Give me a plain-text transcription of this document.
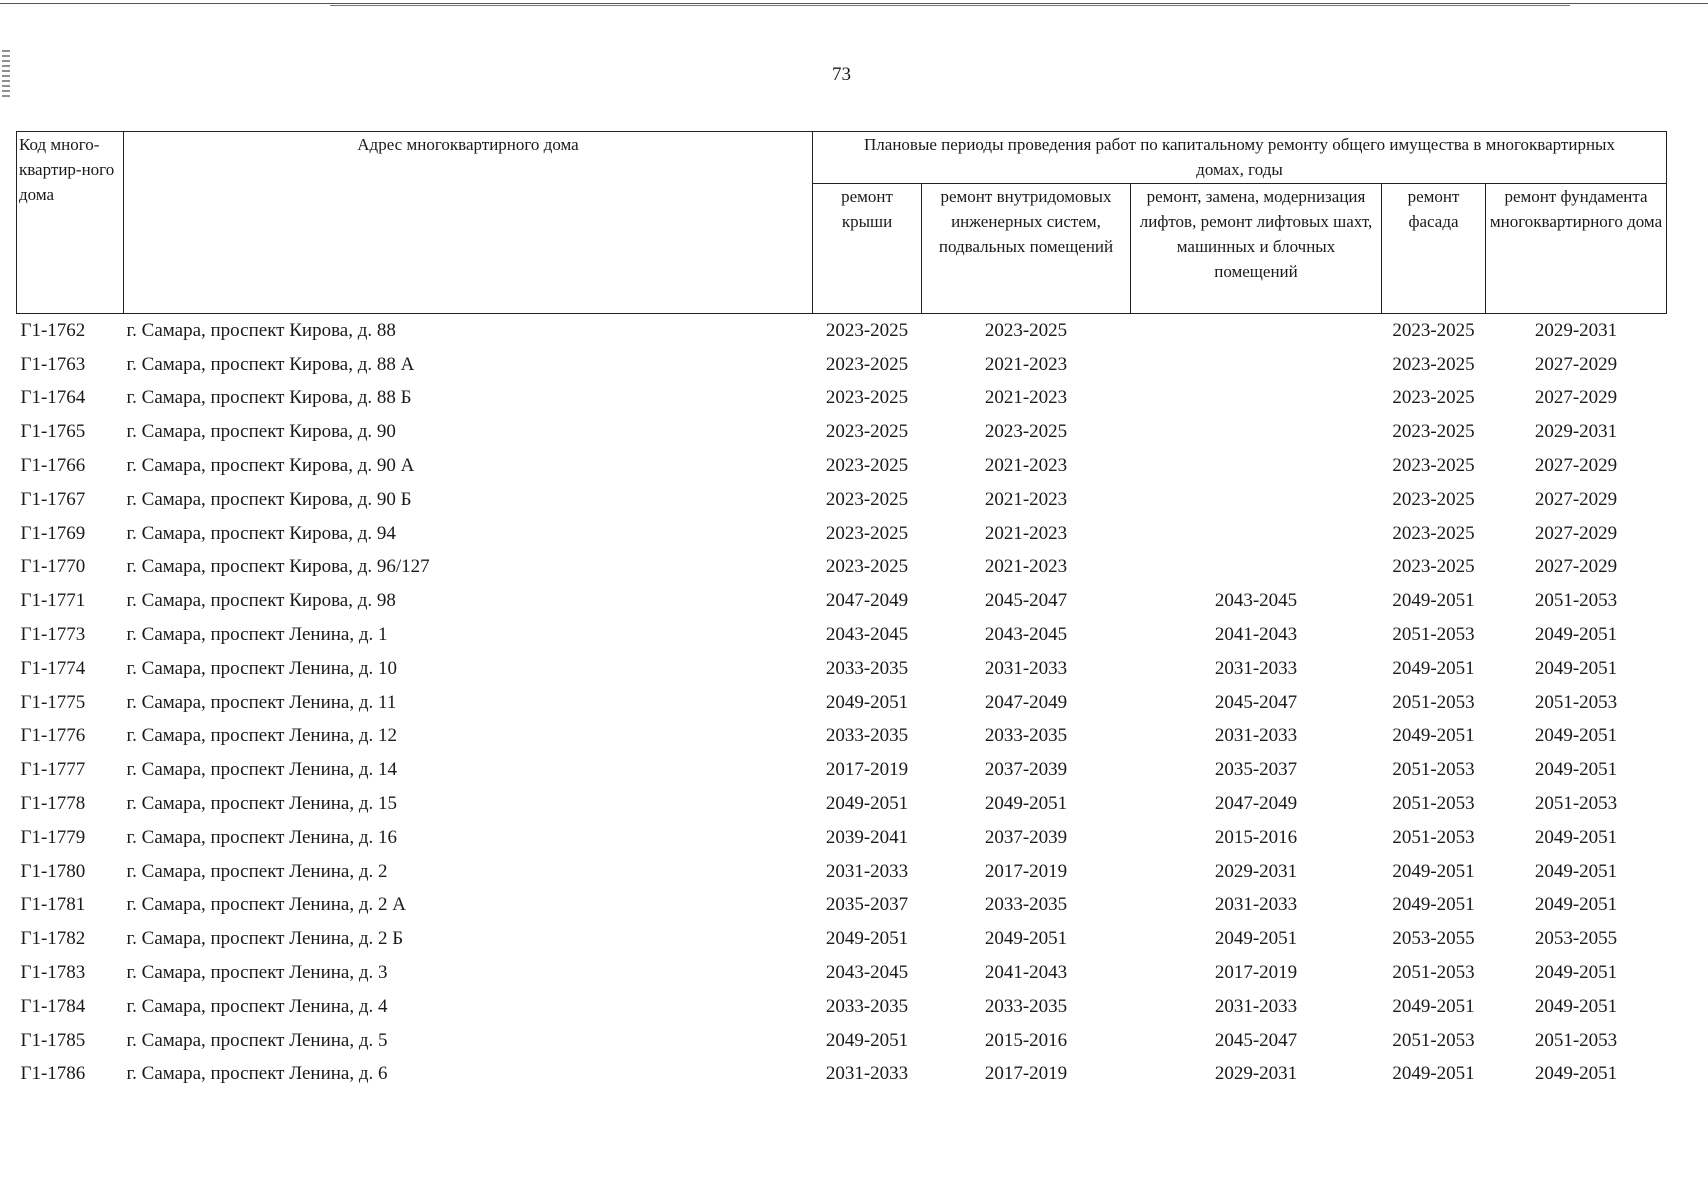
73
Код много-квартир-ного дома	Адрес многоквартирного дома	Плановые периоды проведения работ по капитальному ремонту общего имущества в многоквартирных домах, годы				
		ремонт крыши	ремонт внутридомовых инженерных систем, подвальных помещений	ремонт, замена, модернизация лифтов, ремонт лифтовых шахт, машинных и блочных помещений	ремонт фасада	ремонт фундамента многоквартирного дома
Г1-1762	г. Самара, проспект Кирова, д. 88	2023-2025	2023-2025		2023-2025	2029-2031
Г1-1763	г. Самара, проспект Кирова, д. 88 А	2023-2025	2021-2023		2023-2025	2027-2029
Г1-1764	г. Самара, проспект Кирова, д. 88 Б	2023-2025	2021-2023		2023-2025	2027-2029
Г1-1765	г. Самара, проспект Кирова, д. 90	2023-2025	2023-2025		2023-2025	2029-2031
Г1-1766	г. Самара, проспект Кирова, д. 90 А	2023-2025	2021-2023		2023-2025	2027-2029
Г1-1767	г. Самара, проспект Кирова, д. 90 Б	2023-2025	2021-2023		2023-2025	2027-2029
Г1-1769	г. Самара, проспект Кирова, д. 94	2023-2025	2021-2023		2023-2025	2027-2029
Г1-1770	г. Самара, проспект Кирова, д. 96/127	2023-2025	2021-2023		2023-2025	2027-2029
Г1-1771	г. Самара, проспект Кирова, д. 98	2047-2049	2045-2047	2043-2045	2049-2051	2051-2053
Г1-1773	г. Самара, проспект Ленина, д. 1	2043-2045	2043-2045	2041-2043	2051-2053	2049-2051
Г1-1774	г. Самара, проспект Ленина, д. 10	2033-2035	2031-2033	2031-2033	2049-2051	2049-2051
Г1-1775	г. Самара, проспект Ленина, д. 11	2049-2051	2047-2049	2045-2047	2051-2053	2051-2053
Г1-1776	г. Самара, проспект Ленина, д. 12	2033-2035	2033-2035	2031-2033	2049-2051	2049-2051
Г1-1777	г. Самара, проспект Ленина, д. 14	2017-2019	2037-2039	2035-2037	2051-2053	2049-2051
Г1-1778	г. Самара, проспект Ленина, д. 15	2049-2051	2049-2051	2047-2049	2051-2053	2051-2053
Г1-1779	г. Самара, проспект Ленина, д. 16	2039-2041	2037-2039	2015-2016	2051-2053	2049-2051
Г1-1780	г. Самара, проспект Ленина, д. 2	2031-2033	2017-2019	2029-2031	2049-2051	2049-2051
Г1-1781	г. Самара, проспект Ленина, д. 2 А	2035-2037	2033-2035	2031-2033	2049-2051	2049-2051
Г1-1782	г. Самара, проспект Ленина, д. 2 Б	2049-2051	2049-2051	2049-2051	2053-2055	2053-2055
Г1-1783	г. Самара, проспект Ленина, д. 3	2043-2045	2041-2043	2017-2019	2051-2053	2049-2051
Г1-1784	г. Самара, проспект Ленина, д. 4	2033-2035	2033-2035	2031-2033	2049-2051	2049-2051
Г1-1785	г. Самара, проспект Ленина, д. 5	2049-2051	2015-2016	2045-2047	2051-2053	2051-2053
Г1-1786	г. Самара, проспект Ленина, д. 6	2031-2033	2017-2019	2029-2031	2049-2051	2049-2051
